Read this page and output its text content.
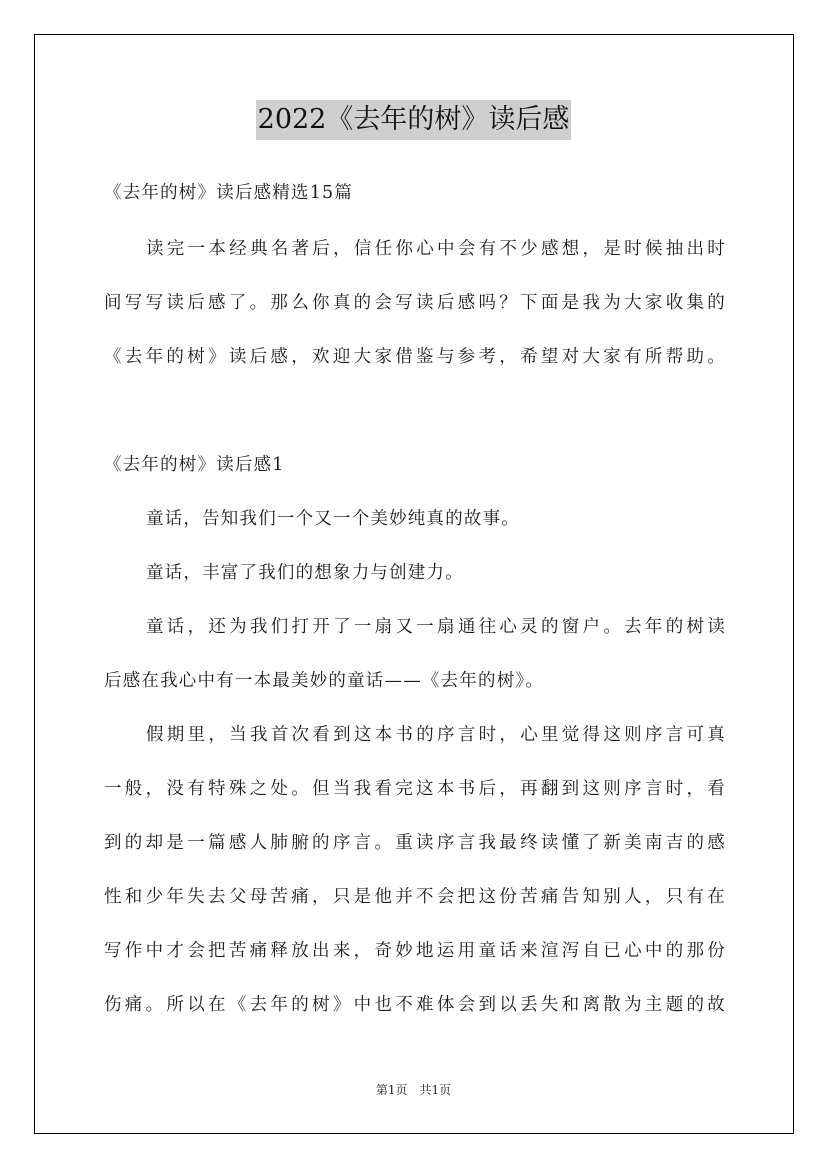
2022《去年的树》读后感
《去年的树》读后感精选15篇
读完一本经典名著后，信任你心中会有不少感想，是时候抽出时
间写写读后感了。那么你真的会写读后感吗？下面是我为大家收集的
《去年的树》读后感，欢迎大家借鉴与参考，希望对大家有所帮助。
《去年的树》读后感1
童话，告知我们一个又一个美妙纯真的故事。
童话，丰富了我们的想象力与创建力。
童话，还为我们打开了一扇又一扇通往心灵的窗户。去年的树读
后感在我心中有一本最美妙的童话——《去年的树》。
假期里，当我首次看到这本书的序言时，心里觉得这则序言可真
一般，没有特殊之处。但当我看完这本书后，再翻到这则序言时，看
到的却是一篇感人肺腑的序言。重读序言我最终读懂了新美南吉的感
性和少年失去父母苦痛，只是他并不会把这份苦痛告知别人，只有在
写作中才会把苦痛释放出来，奇妙地运用童话来渲泻自已心中的那份
伤痛。所以在《去年的树》中也不难体会到以丢失和离散为主题的故
第1页　共1页
